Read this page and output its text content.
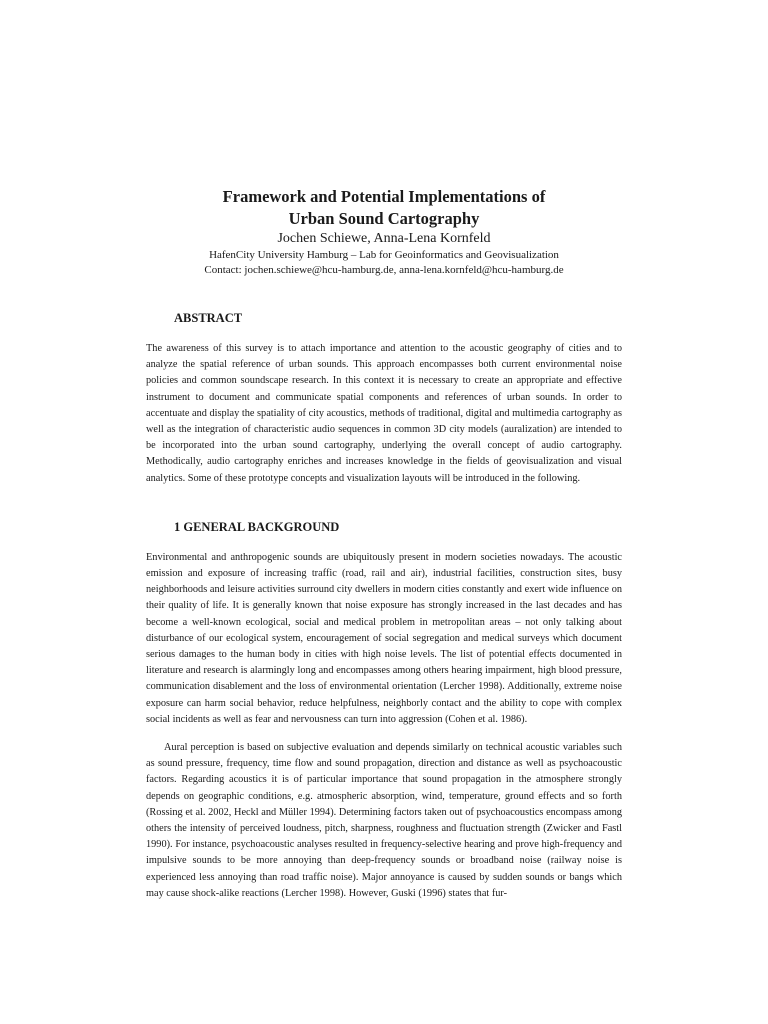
Framework and Potential Implementations of

Urban Sound Cartography

Jochen Schiewe, Anna-Lena Kornfeld

HafenCity University Hamburg – Lab for Geoinformatics and Geovisualization

Contact: jochen.schiewe@hcu-hamburg.de, anna-lena.kornfeld@hcu-hamburg.de

ABSTRACT

The awareness of this survey is to attach importance and attention to the acoustic geography of cities and to analyze the spatial reference of urban sounds. This approach encompasses both current environmental noise policies and common soundscape research. In this context it is necessary to create an appropriate and effective instrument to document and communicate spatial components and references of urban sounds. In order to accentuate and display the spatiality of city acoustics, methods of traditional, digital and multimedia cartography as well as the integration of characteristic audio sequences in common 3D city models (auralization) are intended to be incorporated into the urban sound cartography, underlying the overall concept of audio cartography. Methodically, audio cartography enriches and increases knowledge in the fields of geovisualization and visual analytics. Some of these prototype concepts and visualization layouts will be introduced in the following.

1 GENERAL BACKGROUND

Environmental and anthropogenic sounds are ubiquitously present in modern societies nowadays. The acoustic emission and exposure of increasing traffic (road, rail and air), industrial facilities, construction sites, busy neighborhoods and leisure activities surround city dwellers in modern cities constantly and exert wide influence on their quality of life. It is generally known that noise exposure has strongly increased in the last decades and has become a well-known ecological, social and medical problem in metropolitan areas – not only talking about disturbance of our ecological system, encouragement of social segregation and medical surveys which document serious damages to the human body in cities with high noise levels. The list of potential effects documented in literature and research is alarmingly long and encompasses among others hearing impairment, high blood pressure, communication disablement and the loss of environmental orientation (Lercher 1998). Additionally, extreme noise exposure can harm social behavior, reduce helpfulness, neighborly contact and the ability to cope with complex social incidents as well as fear and nervousness can turn into aggression (Cohen et al. 1986).

Aural perception is based on subjective evaluation and depends similarly on technical acoustic variables such as sound pressure, frequency, time flow and sound propagation, direction and distance as well as psychoacoustic factors. Regarding acoustics it is of particular importance that sound propagation in the atmosphere strongly depends on geographic conditions, e.g. atmospheric absorption, wind, temperature, ground effects and so forth (Rossing et al. 2002, Heckl and Müller 1994). Determining factors taken out of psychoacoustics encompass among others the intensity of perceived loudness, pitch, sharpness, roughness and fluctuation strength (Zwicker and Fastl 1990). For instance, psychoacoustic analyses resulted in frequency-selective hearing and prove high-frequency and impulsive sounds to be more annoying than deep-frequency sounds or broadband noise (railway noise is experienced less annoying than road traffic noise). Major annoyance is caused by sudden sounds or bangs which may cause shock-alike reactions (Lercher 1998). However, Guski (1996) states that fur-
